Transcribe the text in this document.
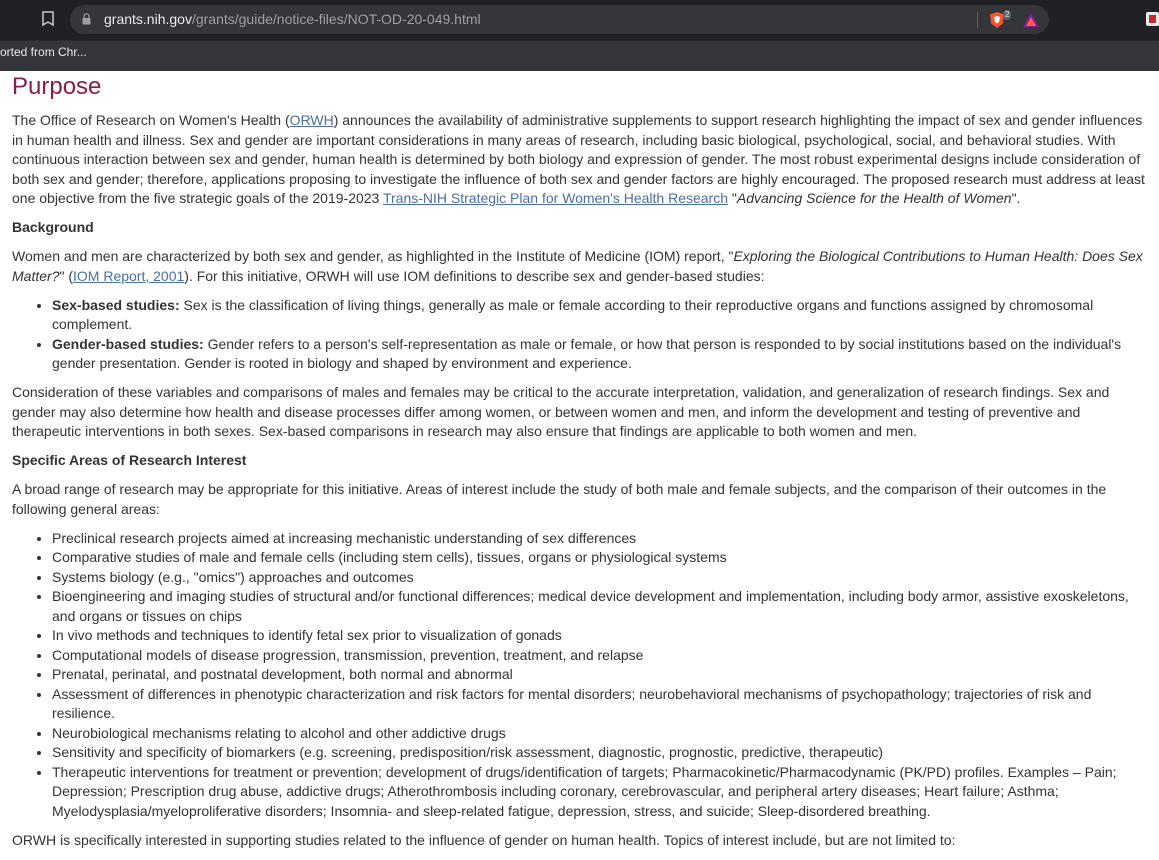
grants.nih.gov/grants/guide/notice-files/NOT-OD-20-049.html	2
orted from Chr...
Purpose

The Office of Research on Women's Health (ORWH) announces the availability of administrative supplements to support research highlighting the impact of sex and gender influences in human health and illness. Sex and gender are important considerations in many areas of research, including basic biological, psychological, social, and behavioral studies. With continuous interaction between sex and gender, human health is determined by both biology and expression of gender. The most robust experimental designs include consideration of both sex and gender; therefore, applications proposing to investigate the influence of both sex and gender factors are highly encouraged. The proposed research must address at least one objective from the five strategic goals of the 2019-2023 Trans-NIH Strategic Plan for Women's Health Research "Advancing Science for the Health of Women".

Background

Women and men are characterized by both sex and gender, as highlighted in the Institute of Medicine (IOM) report, "Exploring the Biological Contributions to Human Health: Does Sex Matter?" (IOM Report, 2001). For this initiative, ORWH will use IOM definitions to describe sex and gender-based studies:

• Sex-based studies: Sex is the classification of living things, generally as male or female according to their reproductive organs and functions assigned by chromosomal complement.
• Gender-based studies: Gender refers to a person's self-representation as male or female, or how that person is responded to by social institutions based on the individual's gender presentation. Gender is rooted in biology and shaped by environment and experience.

Consideration of these variables and comparisons of males and females may be critical to the accurate interpretation, validation, and generalization of research findings. Sex and gender may also determine how health and disease processes differ among women, or between women and men, and inform the development and testing of preventive and therapeutic interventions in both sexes. Sex-based comparisons in research may also ensure that findings are applicable to both women and men.

Specific Areas of Research Interest

A broad range of research may be appropriate for this initiative. Areas of interest include the study of both male and female subjects, and the comparison of their outcomes in the following general areas:

• Preclinical research projects aimed at increasing mechanistic understanding of sex differences
• Comparative studies of male and female cells (including stem cells), tissues, organs or physiological systems
• Systems biology (e.g., "omics") approaches and outcomes
• Bioengineering and imaging studies of structural and/or functional differences; medical device development and implementation, including body armor, assistive exoskeletons, and organs or tissues on chips
• In vivo methods and techniques to identify fetal sex prior to visualization of gonads
• Computational models of disease progression, transmission, prevention, treatment, and relapse
• Prenatal, perinatal, and postnatal development, both normal and abnormal
• Assessment of differences in phenotypic characterization and risk factors for mental disorders; neurobehavioral mechanisms of psychopathology; trajectories of risk and resilience.
• Neurobiological mechanisms relating to alcohol and other addictive drugs
• Sensitivity and specificity of biomarkers (e.g. screening, predisposition/risk assessment, diagnostic, prognostic, predictive, therapeutic)
• Therapeutic interventions for treatment or prevention; development of drugs/identification of targets; Pharmacokinetic/Pharmacodynamic (PK/PD) profiles. Examples – Pain; Depression; Prescription drug abuse, addictive drugs; Atherothrombosis including coronary, cerebrovascular, and peripheral artery diseases; Heart failure; Asthma; Myelodysplasia/myeloproliferative disorders; Insomnia- and sleep-related fatigue, depression, stress, and suicide; Sleep-disordered breathing.

ORWH is specifically interested in supporting studies related to the influence of gender on human health. Topics of interest include, but are not limited to:
